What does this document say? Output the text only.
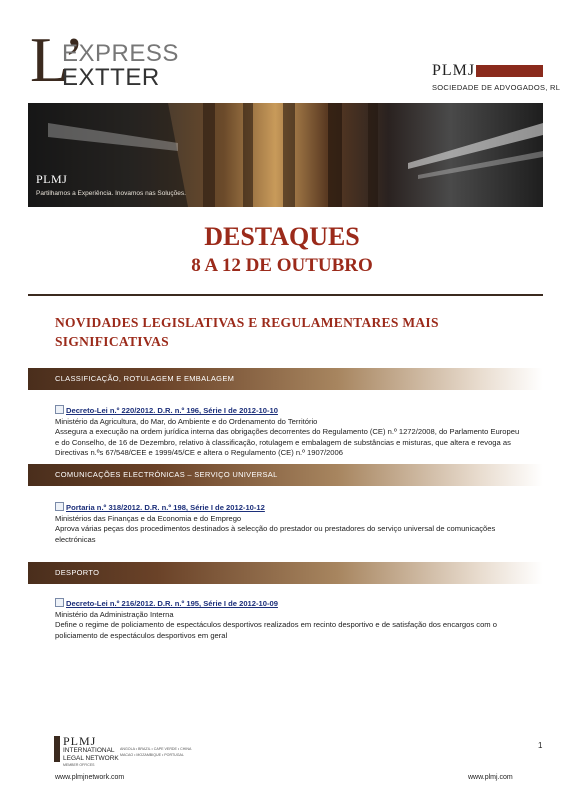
L’
EXPRESS
EXTTER	PLMJ
SOCIEDADE DE ADVOGADOS, RL
PLMJ
Partilhamos a Experiência. Inovamos nas Soluções.
DESTAQUES
8 A 12 DE OUTUBRO
NOVIDADES LEGISLATIVAS E REGULAMENTARES MAIS SIGNIFICATIVAS
CLASSIFICAÇÃO, ROTULAGEM E EMBALAGEM

Decreto-Lei n.º 220/2012. D.R. n.º 196, Série I de 2012-10-10

Ministério da Agricultura, do Mar, do Ambiente e do Ordenamento do Território

Assegura a execução na ordem jurídica interna das obrigações decorrentes do Regulamento (CE) n.º 1272/2008, do Parlamento Europeu e do Conselho, de 16 de Dezembro, relativo à classificação, rotulagem e embalagem de substâncias e misturas, que altera e revoga as Directivas n.ºs 67/548/CEE e 1999/45/CE e altera o Regulamento (CE) n.º 1907/2006

COMUNICAÇÕES ELECTRÓNICAS – SERVIÇO UNIVERSAL

Portaria n.º 318/2012. D.R. n.º 198, Série I de 2012-10-12

Ministérios das Finanças e da Economia e do Emprego

Aprova várias peças dos procedimentos destinados à selecção do prestador ou prestadores do serviço universal de comunicações electrónicas

DESPORTO

Decreto-Lei n.º 216/2012. D.R. n.º 195, Série I de 2012-10-09

Ministério da Administração Interna

Define o regime de policiamento de espectáculos desportivos realizados em recinto desportivo e de satisfação dos encargos com o policiamento de espectáculos desportivos em geral

PLMJ
INTERNATIONAL
LEGAL NETWORK
MEMBER OFFICES
ANGOLA • BRAZIL • CAPE VERDE • CHINA
MACAO • MOZAMBIQUE • PORTUGAL
1
www.plmjnetwork.com	www.plmj.com
